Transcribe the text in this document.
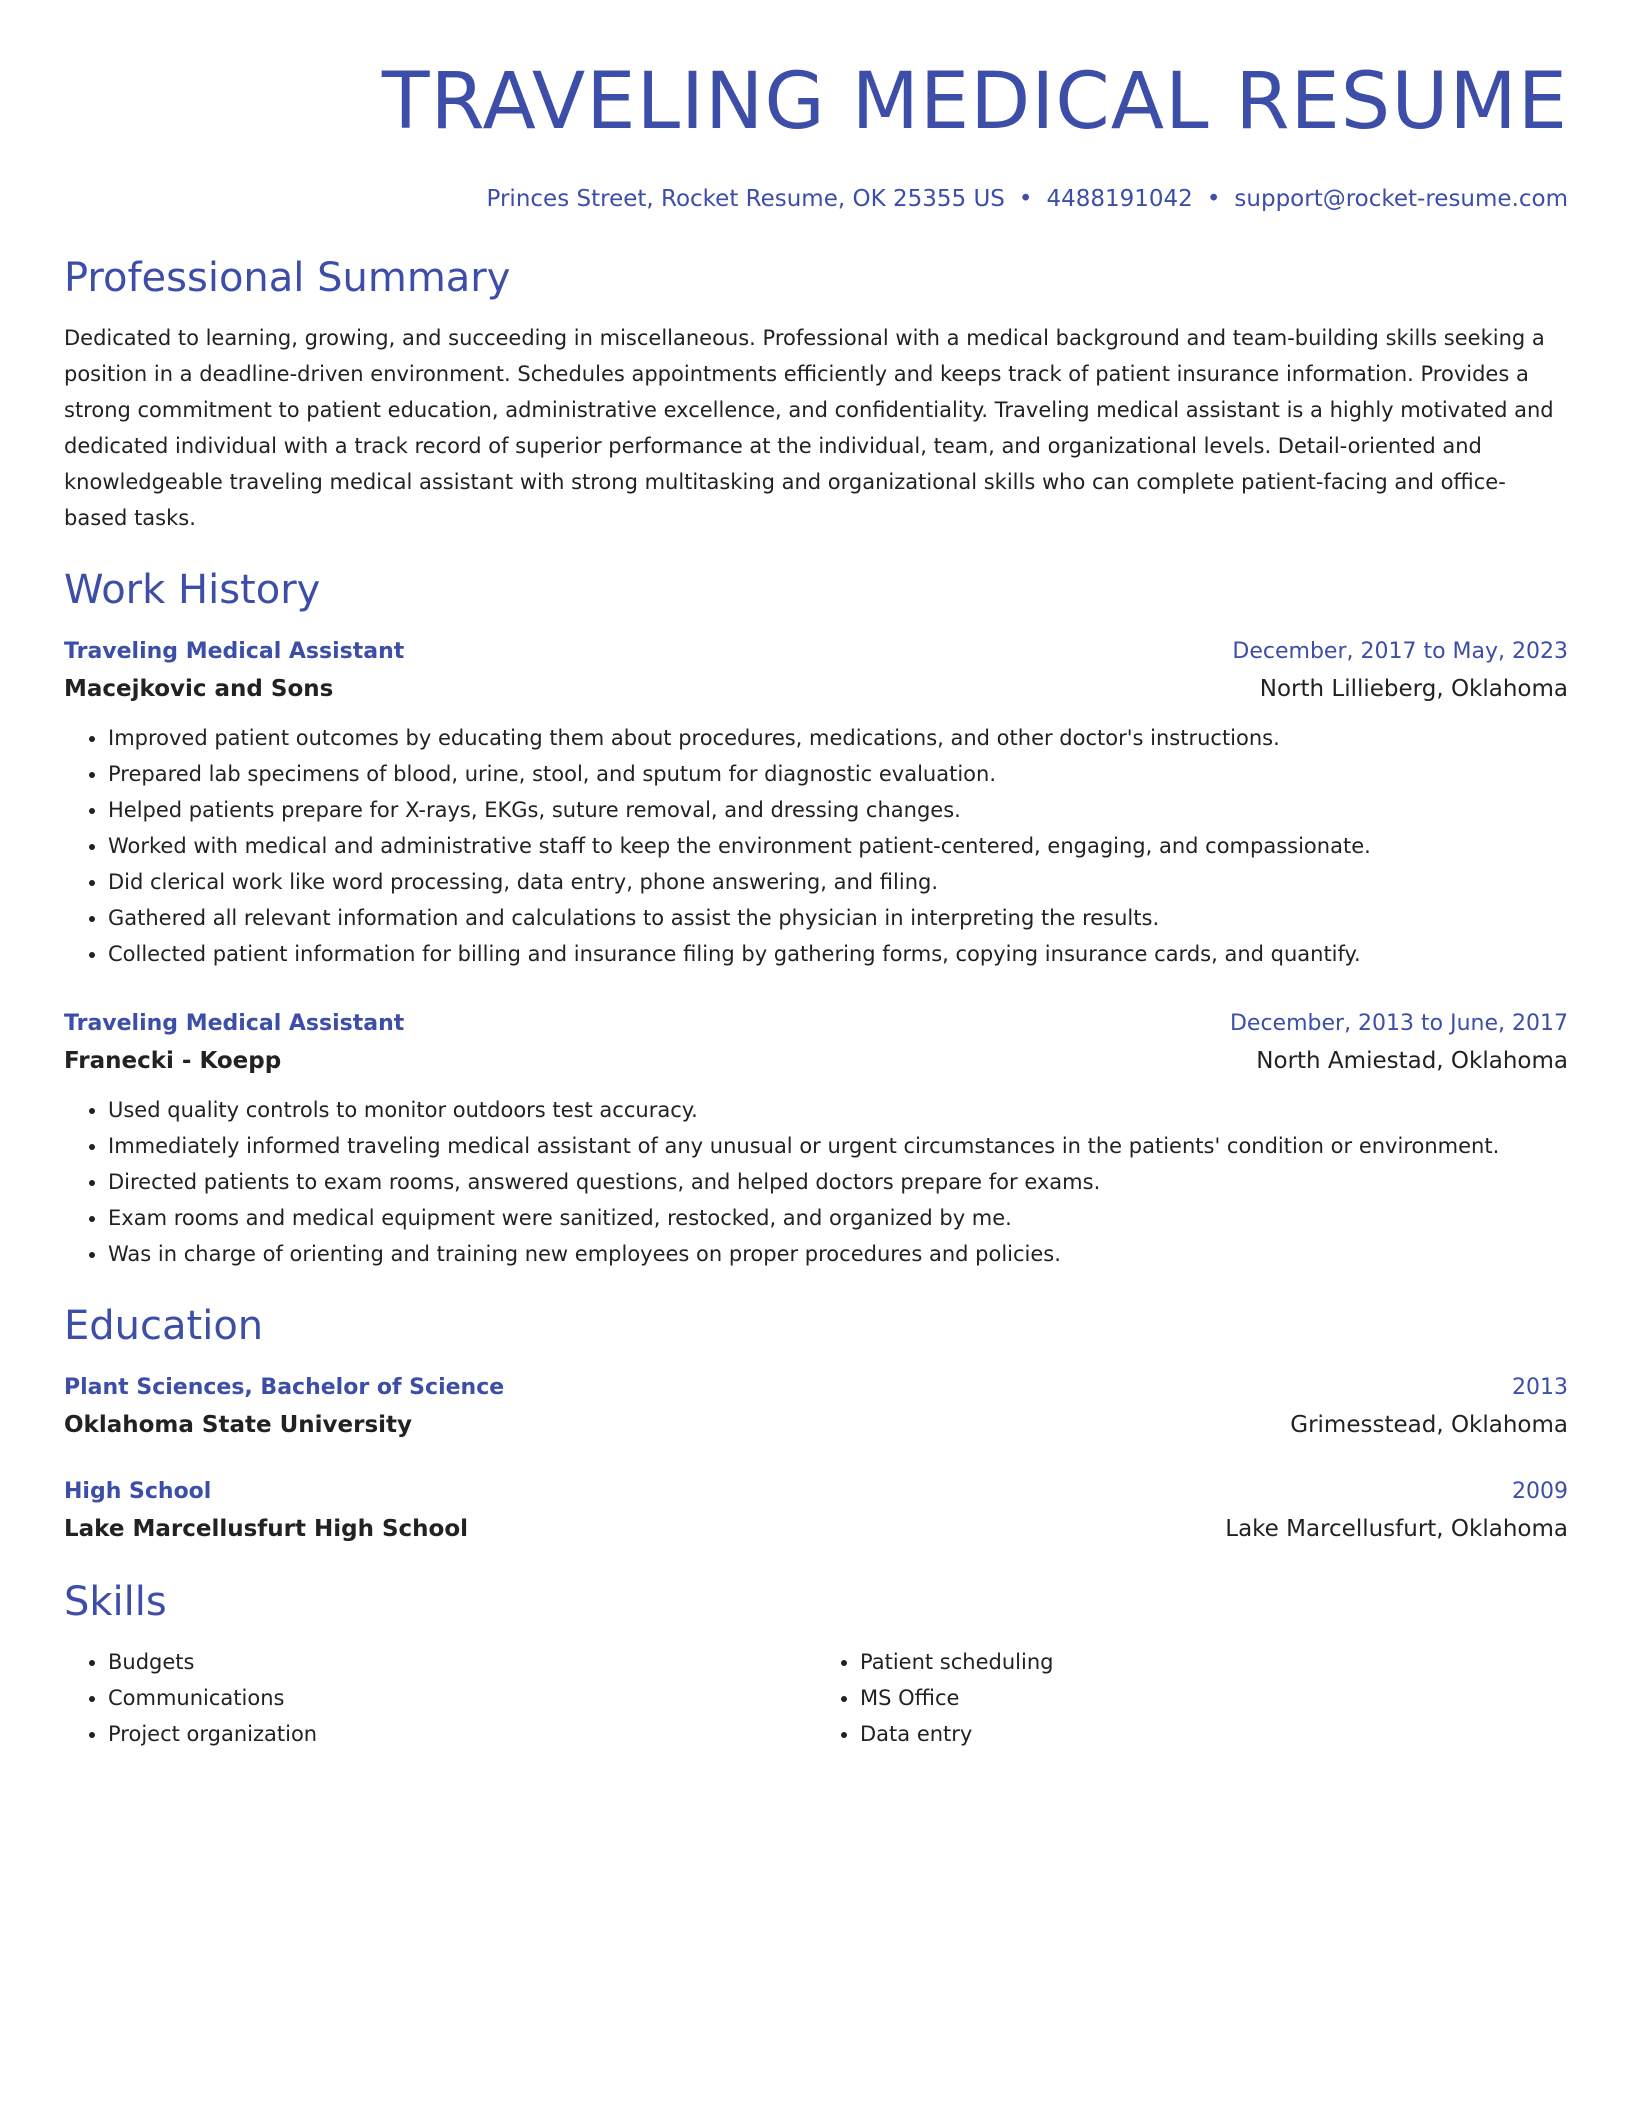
TRAVELING MEDICAL RESUME
Princes Street, Rocket Resume, OK 25355 US • 4488191042 • support@rocket-resume.com
Professional Summary

Dedicated to learning, growing, and succeeding in miscellaneous. Professional with a medical background and team-building skills seeking a position in a deadline-driven environment. Schedules appointments efficiently and keeps track of patient insurance information. Provides a strong commitment to patient education, administrative excellence, and confidentiality. Traveling medical assistant is a highly motivated and dedicated individual with a track record of superior performance at the individual, team, and organizational levels. Detail-oriented and knowledgeable traveling medical assistant with strong multitasking and organizational skills who can complete patient-facing and office-based tasks.

Work History
Traveling Medical Assistant	December, 2017 to May, 2023
Macejkovic and Sons	North Lillieberg, Oklahoma
• Improved patient outcomes by educating them about procedures, medications, and other doctor's instructions.
• Prepared lab specimens of blood, urine, stool, and sputum for diagnostic evaluation.
• Helped patients prepare for X-rays, EKGs, suture removal, and dressing changes.
• Worked with medical and administrative staff to keep the environment patient-centered, engaging, and compassionate.
• Did clerical work like word processing, data entry, phone answering, and filing.
• Gathered all relevant information and calculations to assist the physician in interpreting the results.
• Collected patient information for billing and insurance filing by gathering forms, copying insurance cards, and quantify.
Traveling Medical Assistant	December, 2013 to June, 2017
Franecki - Koepp	North Amiestad, Oklahoma
• Used quality controls to monitor outdoors test accuracy.
• Immediately informed traveling medical assistant of any unusual or urgent circumstances in the patients' condition or environment.
• Directed patients to exam rooms, answered questions, and helped doctors prepare for exams.
• Exam rooms and medical equipment were sanitized, restocked, and organized by me.
• Was in charge of orienting and training new employees on proper procedures and policies.
Education
Plant Sciences, Bachelor of Science	2013
Oklahoma State University	Grimesstead, Oklahoma
High School	2009
Lake Marcellusfurt High School	Lake Marcellusfurt, Oklahoma
Skills
• Budgets
• Communications
• Project organization
• Patient scheduling
• MS Office
• Data entry
